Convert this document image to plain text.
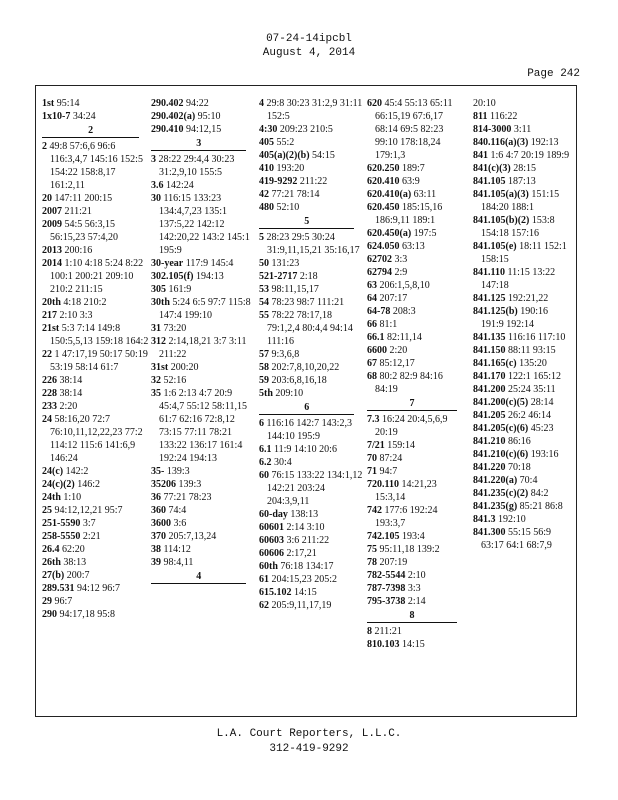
07-24-14ipcbl
August 4, 2014
Page 242
1st 95:14
1x10-7 34:24
2
2 49:8 57:6,6 96:6 116:3,4,7 145:16 152:5 154:22 158:8,17 161:2,11
20 147:11 200:15
2007 211:21
2009 54:5 56:3,15 56:15,23 57:4,20
2013 200:16
2014 1:10 4:18 5:24 8:22 100:1 200:21 209:10 210:2 211:15
20th 4:18 210:2
217 2:10 3:3
21st 5:3 7:14 149:8 150:5,5,13 159:18 164:2
22 1 47:17,19 50:17 50:19 53:19 58:14 61:7
226 38:14
228 38:14
233 2:20
24 58:16,20 72:7 76:10,11,12,22,23 77:2 114:12 115:6 141:6,9 146:24
24(c) 142:2
24(c)(2) 146:2
24th 1:10
25 94:12,12,21 95:7
251-5590 3:7
258-5550 2:21
26.4 62:20
26th 38:13
27(b) 200:7
289.531 94:12 96:7
29 96:7
290 94:17,18 95:8
290.402 94:22
290.402(a) 95:10
290.410 94:12,15
3
3 28:22 29:4,4 30:23 31:2,9,10 155:5
3.6 142:24
30 116:15 133:23 134:4,7,23 135:1 137:5,22 142:12 142:20,22 143:2 145:1 195:9
30-year 117:9 145:4
302.105(f) 194:13
305 161:9
30th 5:24 6:5 97:7 115:8 147:4 199:10
31 73:20
312 2:14,18,21 3:7 3:11 211:22
31st 200:20
32 52:16
35 1:6 2:13 4:7 20:9 45:4,7 55:12 58:11,15 61:7 62:16 72:8,12 73:15 77:11 78:21 133:22 136:17 161:4 192:24 194:13
35- 139:3
35206 139:3
36 77:21 78:23
360 74:4
3600 3:6
370 205:7,13,24
38 114:12
39 98:4,11
4
4 29:8 30:23 31:2,9 31:11 152:5
4:30 209:23 210:5
405 55:2
405(a)(2)(b) 54:15
410 193:20
419-9292 211:22
42 77:21 78:14
480 52:10
5
5 28:23 29:5 30:24 31:9,11,15,21 35:16,17
50 131:23
521-2717 2:18
53 98:11,15,17
54 78:23 98:7 111:21
55 78:22 78:17,18 79:1,2,4 80:4,4 94:14 111:16
57 9:3,6,8
58 202:7,8,10,20,22
59 203:6,8,16,18
5th 209:10
6
6 116:16 142:7 143:2,3 144:10 195:9
6.1 11:9 14:10 20:6
6.2 30:4
60 76:15 133:22 134:1,12 142:21 203:24 204:3,9,11
60-day 138:13
60601 2:14 3:10
60603 3:6 211:22
60606 2:17,21
60th 76:18 134:17
61 204:15,23 205:2
615.102 14:15
62 205:9,11,17,19
620 45:4 55:13 65:11 66:15,19 67:6,17 68:14 69:5 82:23 99:10 178:18,24 179:1,3
620.250 189:7
620.410 63:9
620.410(a) 63:11
620.450 185:15,16 186:9,11 189:1
620.450(a) 197:5
624.050 63:13
62702 3:3
62794 2:9
63 206:1,5,8,10
64 207:17
64-78 208:3
66 81:1
66.1 82:11,14
6600 2:20
67 85:12,17
68 80:2 82:9 84:16 84:19
7
7.3 16:24 20:4,5,6,9 20:19
7/21 159:14
70 87:24
71 94:7
720.110 14:21,23 15:3,14
742 177:6 192:24 193:3,7
742.105 193:4
75 95:11,18 139:2
78 207:19
782-5544 2:10
787-7398 3:3
795-3738 2:14
8
8 211:21
810.103 14:15
20:10
811 116:22
814-3000 3:11
840.116(a)(3) 192:13
841 1:6 4:7 20:19 189:9
841(c)(3) 28:15
841.105 187:13
841.105(a)(3) 151:15 184:20 188:1
841.105(b)(2) 153:8 154:18 157:16
841.105(e) 18:11 152:1 158:15
841.110 11:15 13:22 147:18
841.125 192:21,22
841.125(b) 190:16 191:9 192:14
841.135 116:16 117:10
841.150 88:11 93:15
841.165(c) 135:20
841.170 122:1 165:12
841.200 25:24 35:11
841.200(c)(5) 28:14
841.205 26:2 46:14
841.205(c)(6) 45:23
841.210 86:16
841.210(c)(6) 193:16
841.220 70:18
841.220(a) 70:4
841.235(c)(2) 84:2
841.235(g) 85:21 86:8
841.3 192:10
841.300 55:15 56:9 63:17 64:1 68:7,9
L.A. Court Reporters, L.L.C.
312-419-9292
